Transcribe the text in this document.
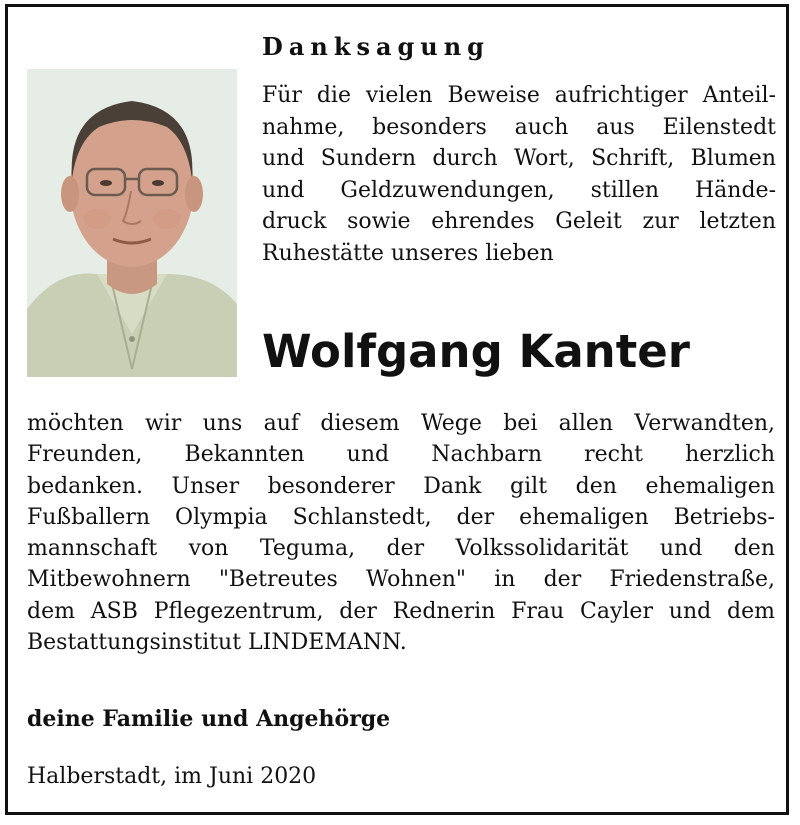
Danksagung
Für die vielen Beweise aufrichtiger Anteil-
nahme, besonders auch aus Eilenstedt
und Sundern durch Wort, Schrift, Blumen
und Geldzuwendungen, stillen Hände-
druck sowie ehrendes Geleit zur letzten
Ruhestätte unseres lieben
Wolfgang Kanter
möchten wir uns auf diesem Wege bei allen Verwandten,
Freunden, Bekannten und Nachbarn recht herzlich
bedanken. Unser besonderer Dank gilt den ehemaligen
Fußballern Olympia Schlanstedt, der ehemaligen Betriebs-
mannschaft von Teguma, der Volkssolidarität und den
Mitbewohnern "Betreutes Wohnen" in der Friedenstraße,
dem ASB Pflegezentrum, der Rednerin Frau Cayler und dem
Bestattungsinstitut LINDEMANN.
deine Familie und Angehörge
Halberstadt, im Juni 2020
